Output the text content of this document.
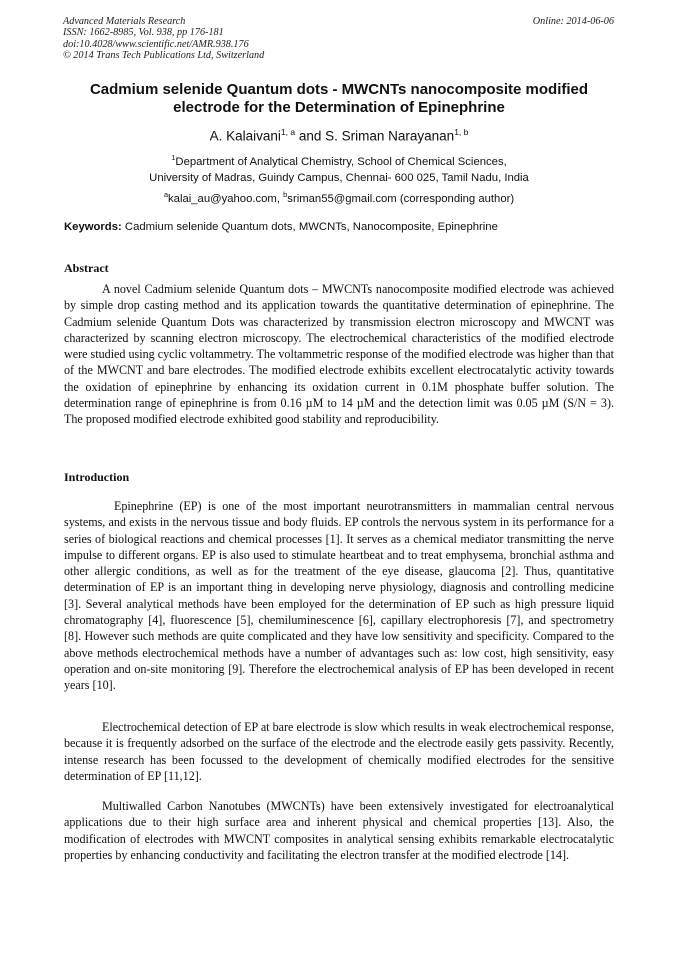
Advanced Materials Research
ISSN: 1662-8985, Vol. 938, pp 176-181
doi:10.4028/www.scientific.net/AMR.938.176
© 2014 Trans Tech Publications Ltd, Switzerland
Online: 2014-06-06
Cadmium selenide Quantum dots - MWCNTs nanocomposite modified
electrode for the Determination of Epinephrine
A. Kalaivani$^{1, a}$ and S. Sriman Narayanan$^{1, b}$
$^1$Department of Analytical Chemistry, School of Chemical Sciences,
University of Madras, Guindy Campus, Chennai- 600 025, Tamil Nadu, India
$^a$kalai_au@yahoo.com, $^b$sriman55@gmail.com (corresponding author)
Keywords: Cadmium selenide Quantum dots, MWCNTs, Nanocomposite, Epinephrine
Abstract
A novel Cadmium selenide Quantum dots – MWCNTs nanocomposite modified electrode was achieved by simple drop casting method and its application towards the quantitative determination of epinephrine. The Cadmium selenide Quantum Dots was characterized by transmission electron microscopy and MWCNT was characterized by scanning electron microscopy. The electrochemical characteristics of the modified electrode were studied using cyclic voltammetry. The voltammetric response of the modified electrode was higher than that of the MWCNT and bare electrodes. The modified electrode exhibits excellent electrocatalytic activity towards the oxidation of epinephrine by enhancing its oxidation current in 0.1M phosphate buffer solution. The determination range of epinephrine is from 0.16 µM to 14 µM and the detection limit was 0.05 µM (S/N = 3). The proposed modified electrode exhibited good stability and reproducibility.
Introduction
Epinephrine (EP) is one of the most important neurotransmitters in mammalian central nervous systems, and exists in the nervous tissue and body fluids. EP controls the nervous system in its performance for a series of biological reactions and chemical processes [1]. It serves as a chemical mediator transmitting the nerve impulse to different organs. EP is also used to stimulate heartbeat and to treat emphysema, bronchial asthma and other allergic conditions, as well as for the treatment of the eye disease, glaucoma [2]. Thus, quantitative determination of EP is an important thing in developing nerve physiology, diagnosis and controlling medicine [3]. Several analytical methods have been employed for the determination of EP such as high pressure liquid chromatography [4], fluorescence [5], chemiluminescence [6], capillary electrophoresis [7], and spectrometry [8]. However such methods are quite complicated and they have low sensitivity and specificity. Compared to the above methods electrochemical methods have a number of advantages such as: low cost, high sensitivity, easy operation and on-site monitoring [9]. Therefore the electrochemical analysis of EP has been developed in recent years [10].
Electrochemical detection of EP at bare electrode is slow which results in weak electrochemical response, because it is frequently adsorbed on the surface of the electrode and the electrode easily gets passivity. Recently, intense research has been focussed to the development of chemically modified electrodes for the sensitive determination of EP [11,12].
Multiwalled Carbon Nanotubes (MWCNTs) have been extensively investigated for electroanalytical applications due to their high surface area and inherent physical and chemical properties [13]. Also, the modification of electrodes with MWCNT composites in analytical sensing exhibits remarkable electrocatalytic properties by enhancing conductivity and facilitating the electron transfer at the modified electrode [14].
